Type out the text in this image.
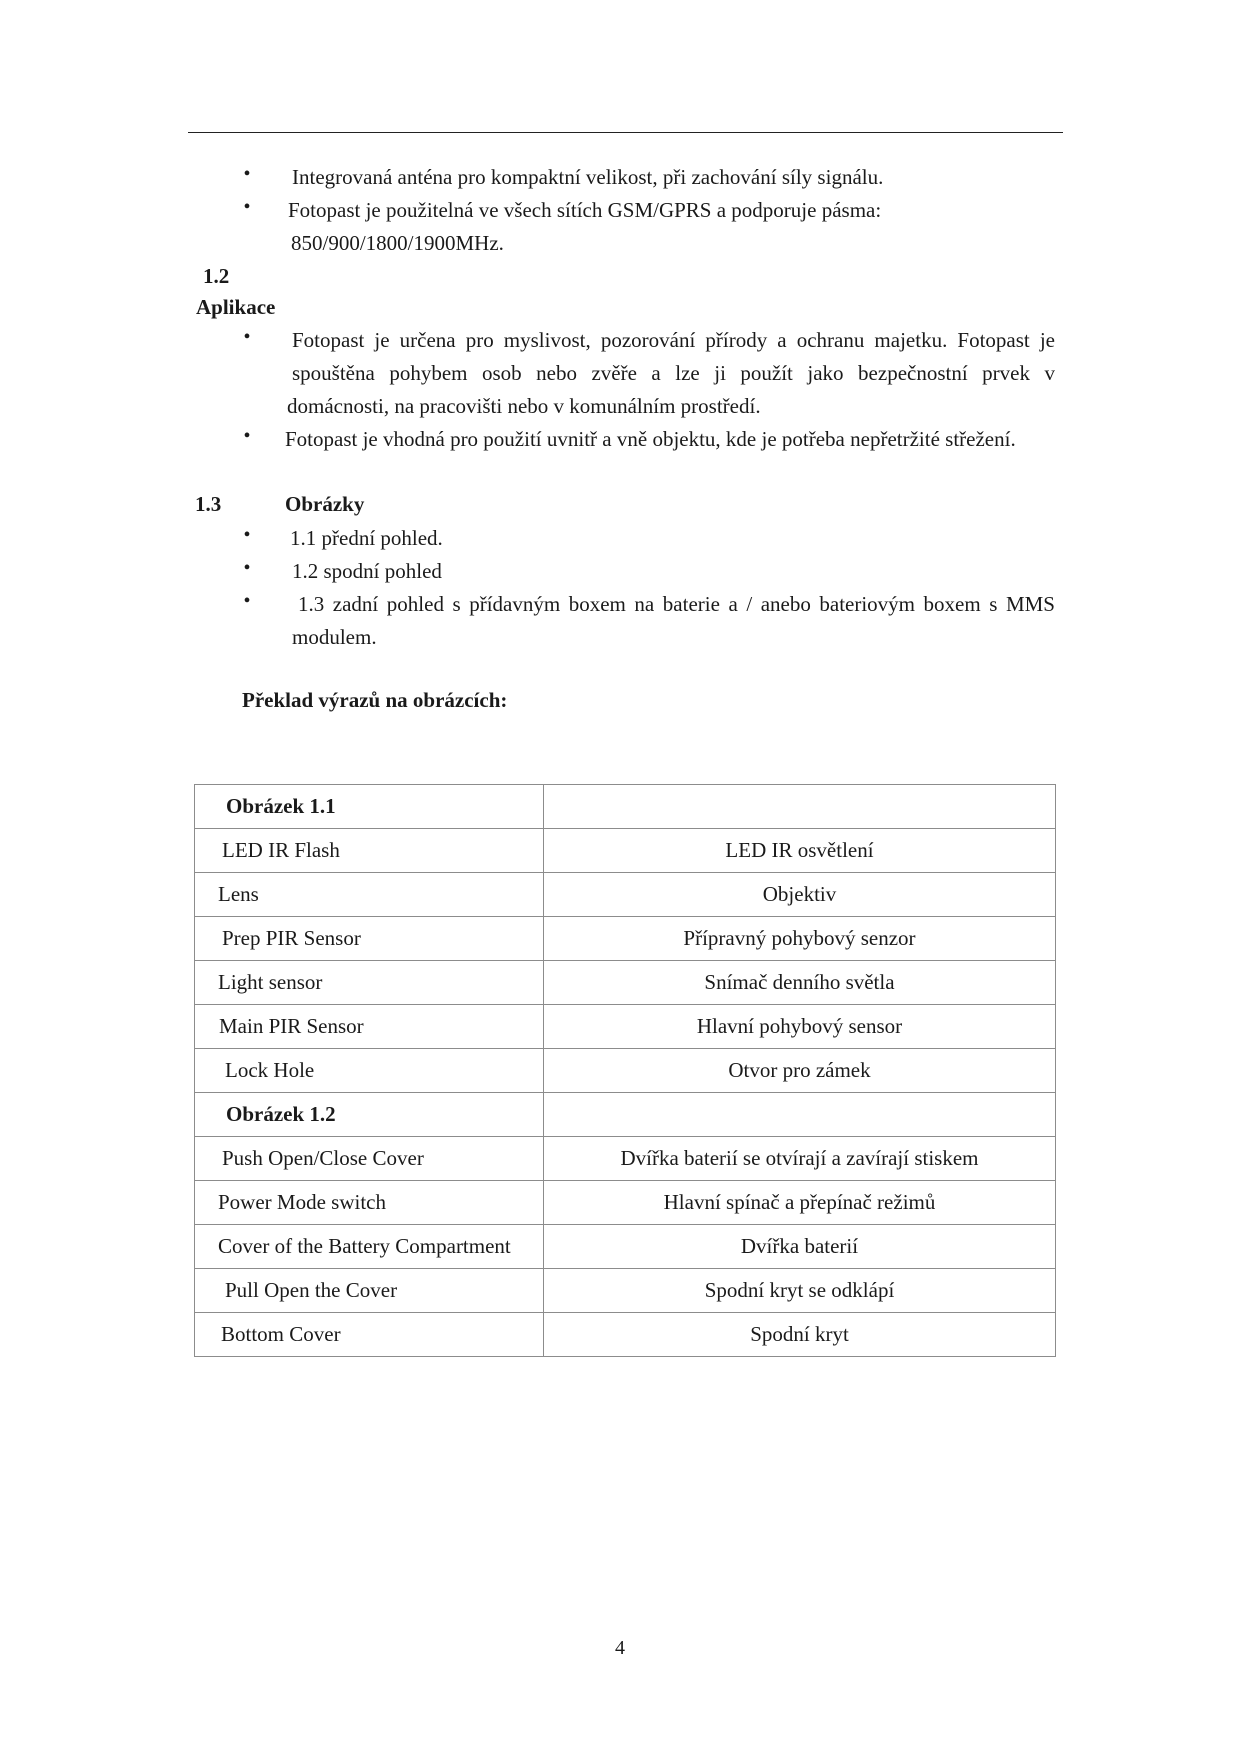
•	Integrovaná anténa pro kompaktní velikost, při zachování síly signálu.
•	Fotopast je použitelná ve všech sítích GSM/GPRS a podporuje pásma:
850/900/1800/1900MHz.
1.2
Aplikace
•	Fotopast je určena pro myslivost, pozorování přírody a ochranu majetku. Fotopast je
spouštěna pohybem osob nebo zvěře a lze ji použít jako bezpečnostní prvek v
domácnosti, na pracovišti nebo v komunálním prostředí.
•	Fotopast je vhodná pro použití uvnitř a vně objektu, kde je potřeba nepřetržité střežení.
1.3	Obrázky
•	1.1 přední pohled.
•	1.2 spodní pohled
•	1.3 zadní pohled s přídavným boxem na baterie a / anebo bateriovým boxem s MMS
modulem.
Překlad výrazů na obrázcích:
Obrázek 1.1	
LED IR Flash	LED IR osvětlení
Lens	Objektiv
Prep PIR Sensor	Přípravný pohybový senzor
Light sensor	Snímač denního světla
Main PIR Sensor	Hlavní pohybový sensor
Lock Hole	Otvor pro zámek
Obrázek 1.2	
Push Open/Close Cover	Dvířka baterií se otvírají a zavírají stiskem
Power Mode switch	Hlavní spínač a přepínač režimů
Cover of the Battery Compartment	Dvířka baterií
Pull Open the Cover	Spodní kryt se odklápí
Bottom Cover	Spodní kryt
4
